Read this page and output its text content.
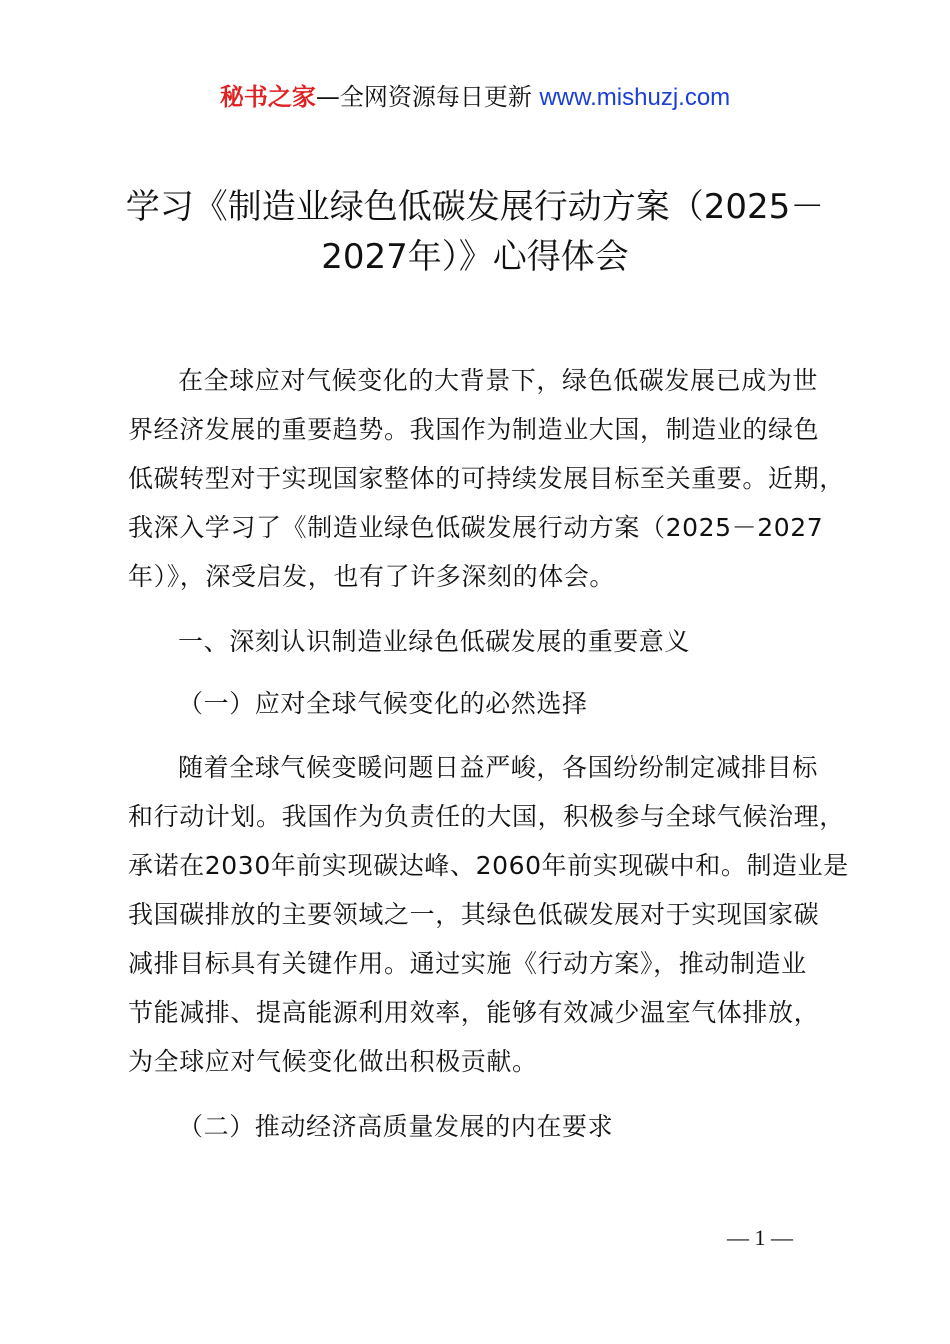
秘书之家—全网资源每日更新 www.mishuzj.com
学习《制造业绿色低碳发展行动方案（2025－
2027年）》心得体会
在全球应对气候变化的大背景下，绿色低碳发展已成为世
界经济发展的重要趋势。我国作为制造业大国，制造业的绿色
低碳转型对于实现国家整体的可持续发展目标至关重要。近期，
我深入学习了《制造业绿色低碳发展行动方案（2025－2027
年）》，深受启发，也有了许多深刻的体会。
一、深刻认识制造业绿色低碳发展的重要意义
（一）应对全球气候变化的必然选择
随着全球气候变暖问题日益严峻，各国纷纷制定减排目标
和行动计划。我国作为负责任的大国，积极参与全球气候治理，
承诺在2030年前实现碳达峰、2060年前实现碳中和。制造业是
我国碳排放的主要领域之一，其绿色低碳发展对于实现国家碳
减排目标具有关键作用。通过实施《行动方案》，推动制造业
节能减排、提高能源利用效率，能够有效减少温室气体排放，
为全球应对气候变化做出积极贡献。
（二）推动经济高质量发展的内在要求
— 1 —
